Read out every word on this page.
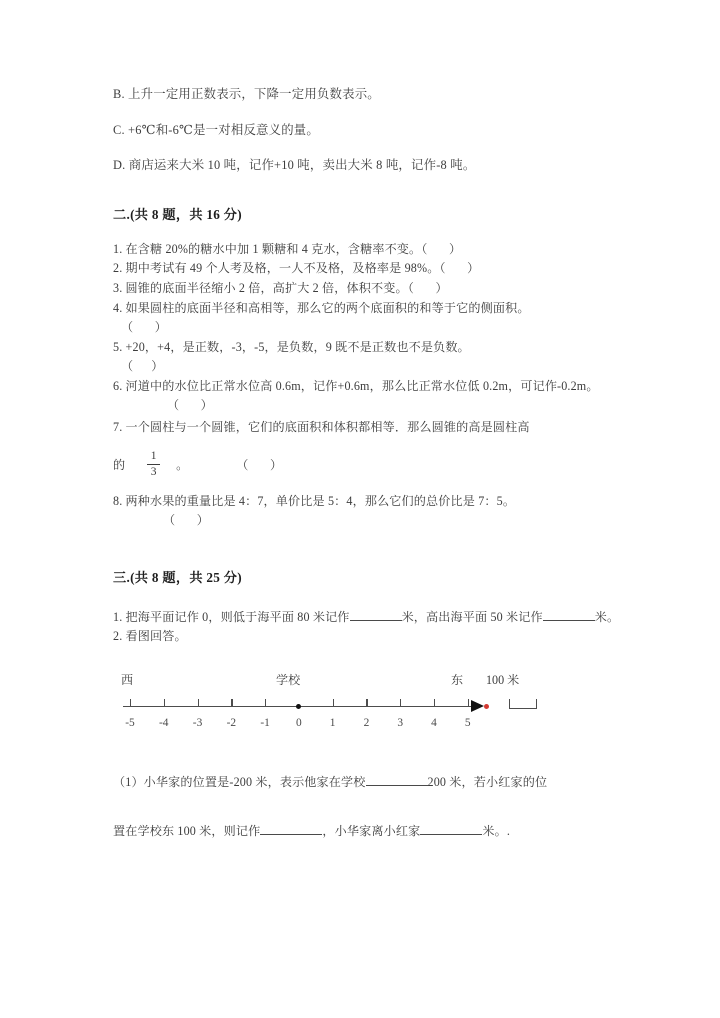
B. 上升一定用正数表示，下降一定用负数表示。

C. +6℃和-6℃是一对相反意义的量。

D. 商店运来大米 10 吨，记作+10 吨，卖出大米 8 吨，记作-8 吨。

二.(共 8 题，共 16 分)

1. 在含糖 20%的糖水中加 1 颗糖和 4 克水，含糖率不变。（      ）

2. 期中考试有 49 个人考及格，一人不及格，及格率是 98%。（      ）

3. 圆锥的底面半径缩小 2 倍，高扩大 2 倍，体积不变。（      ）

4. 如果圆柱的底面半径和高相等，那么它的两个底面积的和等于它的侧面积。
（      ）

5. +20，+4，是正数，-3，-5，是负数，9 既不是正数也不是负数。
（     ）

6. 河道中的水位比正常水位高 0.6m，记作+0.6m，那么比正常水位低 0.2m，可记作-0.2m。（      ）

7. 一个圆柱与一个圆锥，它们的底面积和体积都相等．那么圆锥的高是圆柱高

的 $\frac{1}{3}$ 。	（      ）

8. 两种水果的重量比是 4：7，单价比是 5：4，那么它们的总价比是 7：5。
（      ）

三.(共 8 题，共 25 分)

1. 把海平面记作 0，则低于海平面 80 米记作	米，高出海平面 50 米记作	米。

2. 看图回答。

西	学校	东 100 米
-5 -4 -3 -2 -1 0 1 2 3 4 5

（1）小华家的位置是-200 米，表示他家在学校	200 米，若小红家的位

置在学校东 100 米，则记作	，小华家离小红家	米。.
